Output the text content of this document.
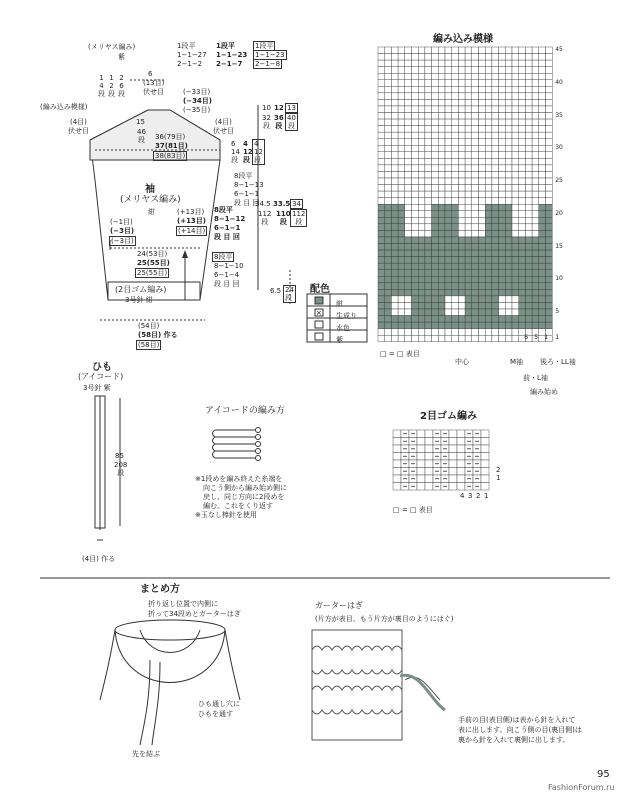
(メリヤス編み)
紫
1
4
段
1
2
段
2
6
段
6
(13目)
伏せ目	(−33目)
(−34目)
(−35目)
(編み込み模様)
(4目)
伏せ目
(4目)
伏せ目
15
46
段 36(79目)
37(81目)
38(83目)
1段平
1−1−27
2−1−2
1段平
1−1−23
2−1−7
1段平
1−1−23
2−1−8
10 12 13
32
段
36
段
40
段
6
14
段
4
12
段
4
12
段
8段平
8−1−13
6−1−1
段 目 回
袖
(メリヤス編み)
紺
(−1目)
(−3目)
(−3目)
(+13目)
(+13目)
(+14目)
8段平
8−1−12
6−1−1
段 目 回
8段平
8−1−10
6−1−4
段 目 回
34.5 33.5 34
112
段
110
段
112
段
24(53目)
25(55目)
25(55目)
(2目ゴム編み)
3号針 紺
6.5 24
段
(54目)
(58目) 作る
(58目)
編み込み模様
45
40
35
30
25
20
15
10
5
1
6 5 1
配色
紺
生成り
水色
紫
×
□ = □ 表目
中心	M袖 後ろ・LL袖
前・L袖
編み始め
ひも
(アイコード)
3号針 紫
85
208
段
(4目) 作る
アイコードの編み方
※1段めを編み終えた糸端を
向こう側から編み始め側に
戻し、同じ方向に2段めを
編む。これをくり返す
※玉なし棒針を使用
2目ゴム編み
4 3 2 1
2
1
□ = □ 表目
まとめ方
折り返し位置で内側に
折って34段めとガーターはぎ
ひも通し穴に
ひもを通す
先を結ぶ
ガーターはぎ
(片方が表目、もう片方が裏目のようにはぐ)
手前の目(表目側)は表から針を入れて
表に出します。向こう側の目(裏目側)は
裏から針を入れて裏側に出します。
95
FashionForum.ru
